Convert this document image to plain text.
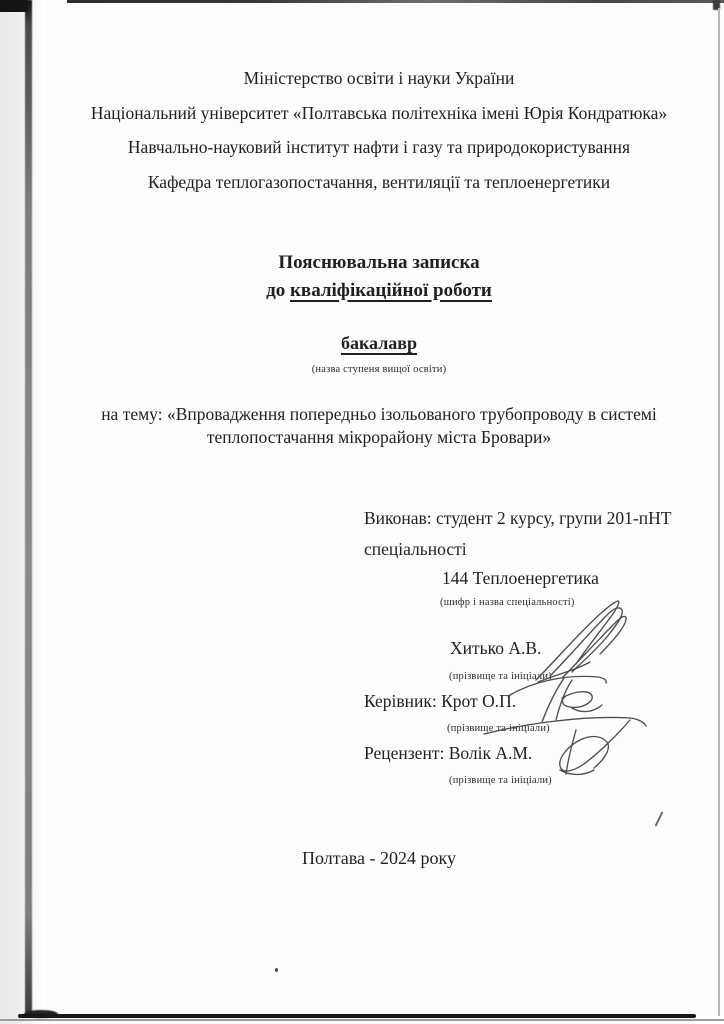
Міністерство освіти і науки України
Національний університет «Полтавська політехніка імені Юрія Кондратюка»
Навчально-науковий інститут нафти і газу та природокористування
Кафедра теплогазопостачання, вентиляції та теплоенергетики
Пояснювальна записка
до кваліфікаційної роботи
бакалавр
(назва ступеня вищої освіти)
на тему: «Впровадження попередньо ізольованого трубопроводу в системі
теплопостачання мікрорайону міста Бровари»
Виконав: студент 2 курсу, групи 201-пНТ
спеціальності
144 Теплоенергетика
(шифр і назва спеціальності)
Хитько А.В.
(прізвище та ініціали)
Керівник: Крот О.П.
(прізвище та ініціали)
Рецензент: Волік А.М.
(прізвище та ініціали)
Полтава - 2024 року
